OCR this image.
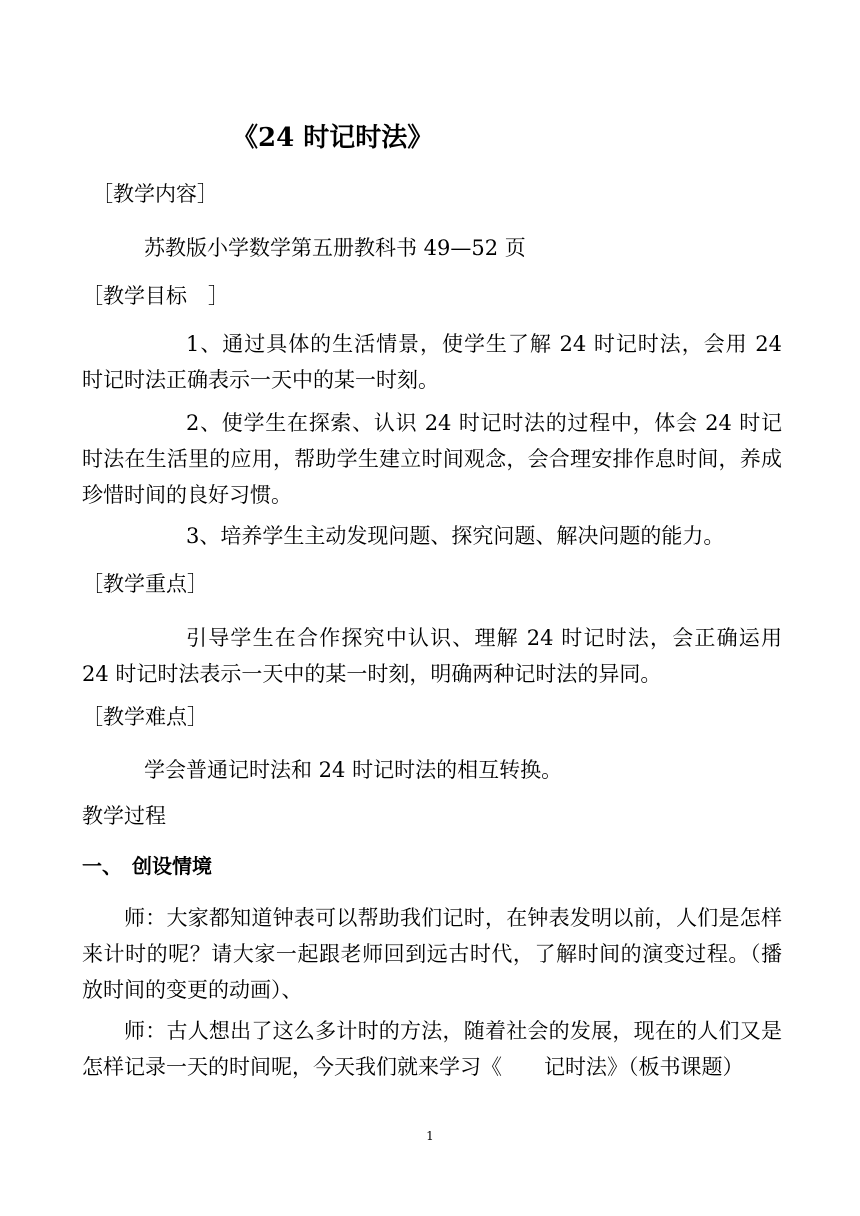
《24 时记时法》

［教学内容］

苏教版小学数学第五册教科书 49—52 页

［教学目标　］

1、通过具体的生活情景，使学生了解 24 时记时法，会用 24 时记时法正确表示一天中的某一时刻。

2、使学生在探索、认识 24 时记时法的过程中，体会 24 时记时法在生活里的应用，帮助学生建立时间观念，会合理安排作息时间，养成珍惜时间的良好习惯。

3、培养学生主动发现问题、探究问题、解决问题的能力。

［教学重点］

引导学生在合作探究中认识、理解 24 时记时法，会正确运用 24 时记时法表示一天中的某一时刻，明确两种记时法的异同。

［教学难点］

学会普通记时法和 24 时记时法的相互转换。

教学过程

一、　创设情境

师：大家都知道钟表可以帮助我们记时，在钟表发明以前，人们是怎样来计时的呢？请大家一起跟老师回到远古时代，了解时间的演变过程。（播放时间的变更的动画）、

师：古人想出了这么多计时的方法，随着社会的发展，现在的人们又是怎样记录一天的时间呢，今天我们就来学习《　　记时法》（板书课题）

1
